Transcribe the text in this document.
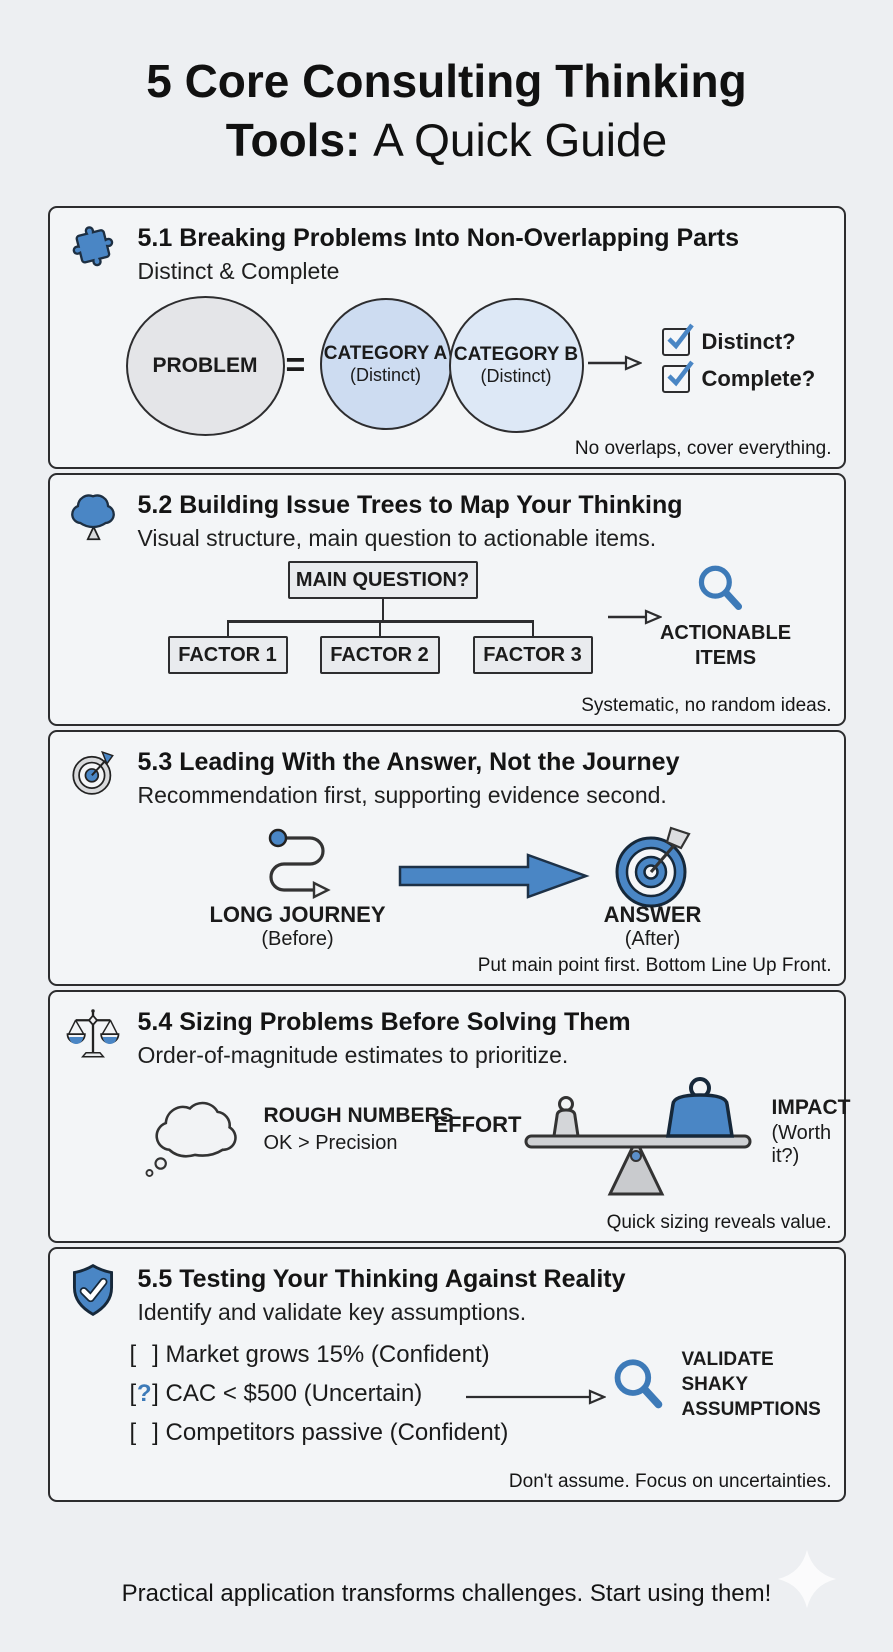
5 Core Consulting Thinking
Tools: A Quick Guide
5.1 Breaking Problems Into Non-Overlapping Parts
Distinct & Complete
PROBLEM = CATEGORY A
(Distinct)
CATEGORY B
(Distinct)
Distinct?
Complete?
No overlaps, cover everything.
5.2 Building Issue Trees to Map Your Thinking
Visual structure, main question to actionable items.
MAIN QUESTION?
FACTOR 1	FACTOR 2	FACTOR 3
ACTIONABLE
ITEMS
Systematic, no random ideas.
5.3 Leading With the Answer, Not the Journey
Recommendation first, supporting evidence second.
LONG JOURNEY
(Before)
ANSWER
(After)
Put main point first. Bottom Line Up Front.
5.4 Sizing Problems Before Solving Them
Order-of-magnitude estimates to prioritize.
ROUGH NUMBERS
OK > Precision
EFFORT
IMPACT
(Worth it?)
Quick sizing reveals value.
5.5 Testing Your Thinking Against Reality
Identify and validate key assumptions.
[ ] Market grows 15% (Confident)
[?] CAC < $500 (Uncertain)
[ ] Competitors passive (Confident)
VALIDATE
SHAKY
ASSUMPTIONS
Don't assume. Focus on uncertainties.
Practical application transforms challenges. Start using them!
